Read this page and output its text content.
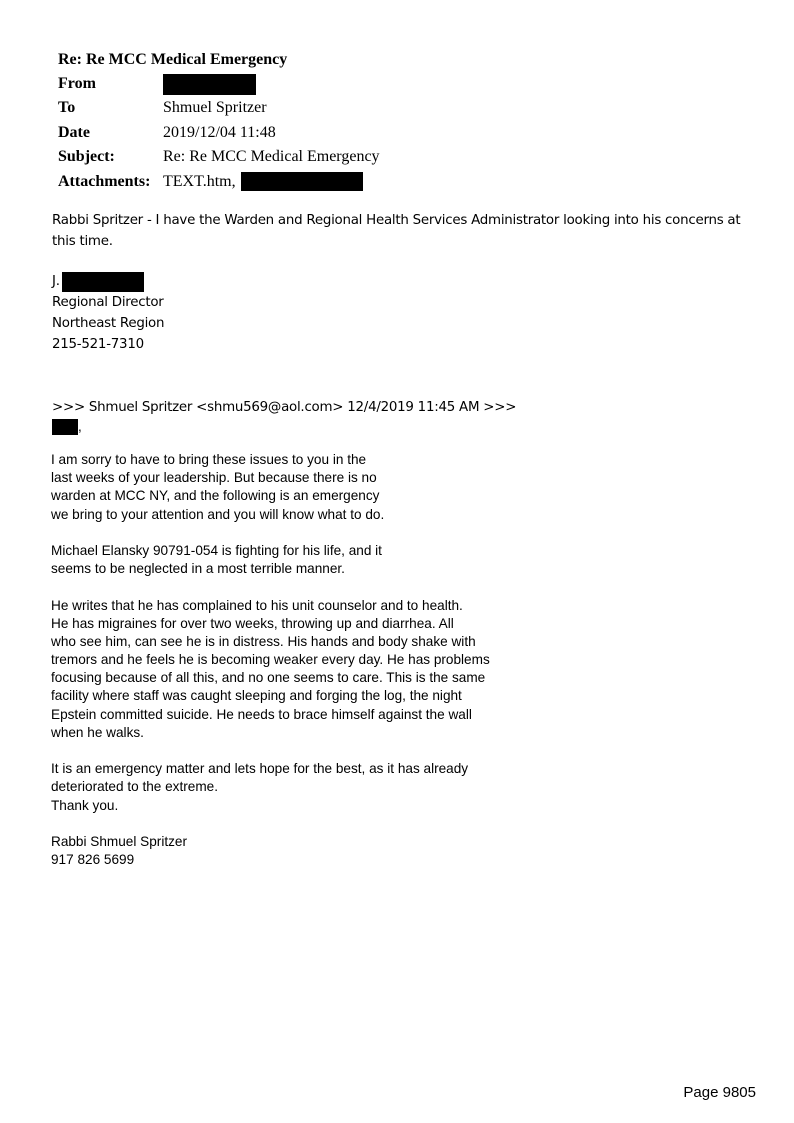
Re: Re MCC Medical Emergency
From
To	Shmuel Spritzer
Date	2019/12/04 11:48
Subject:	Re: Re MCC Medical Emergency
Attachments: TEXT.htm,

Rabbi Spritzer - I have the Warden and Regional Health Services Administrator looking into his concerns at this time.

J.
Regional Director
Northeast Region
215-521-7310
>>> Shmuel Spritzer <shmu569@aol.com> 12/4/2019 11:45 AM >>>
,
I am sorry to have to bring these issues to you in the
last weeks of your leadership. But because there is no
warden at MCC NY, and the following is an emergency
we bring to your attention and you will know what to do.
Michael Elansky 90791-054 is fighting for his life, and it
seems to be neglected in a most terrible manner.
He writes that he has complained to his unit counselor and to health.
He has migraines for over two weeks, throwing up and diarrhea. All
who see him, can see he is in distress. His hands and body shake with
tremors and he feels he is becoming weaker every day. He has problems
focusing because of all this, and no one seems to care. This is the same
facility where staff was caught sleeping and forging the log, the night
Epstein committed suicide. He needs to brace himself against the wall
when he walks.
It is an emergency matter and lets hope for the best, as it has already
deteriorated to the extreme.
Thank you.
Rabbi Shmuel Spritzer
917 826 5699
Page 9805
